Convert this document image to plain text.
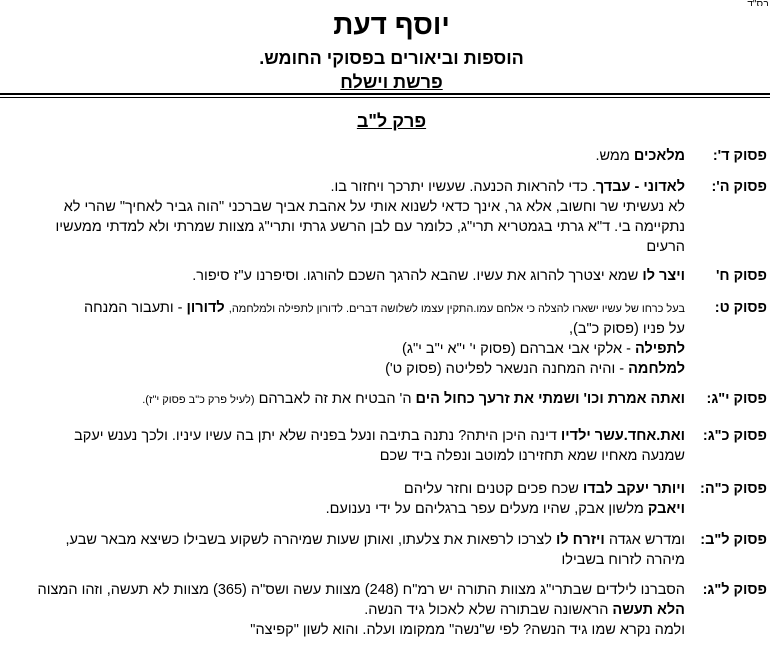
בס"ד
יוסף דעת
הוספות וביאורים בפסוקי החומש.
פרשת וישלח
פרק ל"ב
פסוק ד':
מלאכים ממש.
פסוק ה':
לאדוני - עבדך. כדי להראות הכנעה. שעשיו יתרכך ויחזור בו.
לא נעשיתי שר וחשוב, אלא גר, אינך כדאי לשנוא אותי על אהבת אביך שברכני "הוה גביר לאחיך" שהרי לא
נתקיימה בי. ד"א גרתי בגמטריא תרי"ג, כלומר עם לבן הרשע גרתי ותרי"ג מצוות שמרתי ולא למדתי ממעשיו
הרעים
פסוק ח'
ויצר לו שמא יצטרך להרוג את עשיו. שהבא להרגך השכם להורגו. וסיפרנו ע"ז סיפור.
פסוק ט:
בעל כרחו של עשיו ישארו להצלה כי אלחם עמו.התקין עצמו לשלושה דברים. לדורון לתפילה ולמלחמה, לדורון - ותעבור המנחה
על פניו (פסוק כ"ב),
לתפילה - אלקי אבי אברהם (פסוק י' י"א י"ב י"ג)
למלחמה - והיה המחנה הנשאר לפליטה (פסוק ט')
פסוק י"ג:
ואתה אמרת וכו' ושמתי את זרעך כחול הים ה' הבטיח את זה לאברהם (לעיל פרק כ"ב פסוק י"ז).
פסוק כ"ג:
ואת.אחד.עשר ילדיו דינה היכן היתה? נתנה בתיבה ונעל בפניה שלא יתן בה עשיו עיניו. ולכך נענש יעקב
שמנעה מאחיו שמא תחזירנו למוטב ונפלה ביד שכם
פסוק כ"ה:
ויותר יעקב לבדו שכח פכים קטנים וחזר עליהם
ויאבק מלשון אבק, שהיו מעלים עפר ברגליהם על ידי נענועם.
פסוק ל"ב:
ומדרש אגדה ויזרח לו לצרכו לרפאות את צלעתו, ואותן שעות שמיהרה לשקוע בשבילו כשיצא מבאר שבע,
מיהרה לזרוח בשבילו
פסוק ל"ג:
הסברנו לילדים שבתרי"ג מצוות התורה יש רמ"ח (248) מצוות עשה ושס"ה (365) מצוות לא תעשה, וזהו המצוה
הלא תעשה הראשונה שבתורה שלא לאכול גיד הנשה.
ולמה נקרא שמו גיד הנשה? לפי ש"נשה" ממקומו ועלה. והוא לשון "קפיצה"
